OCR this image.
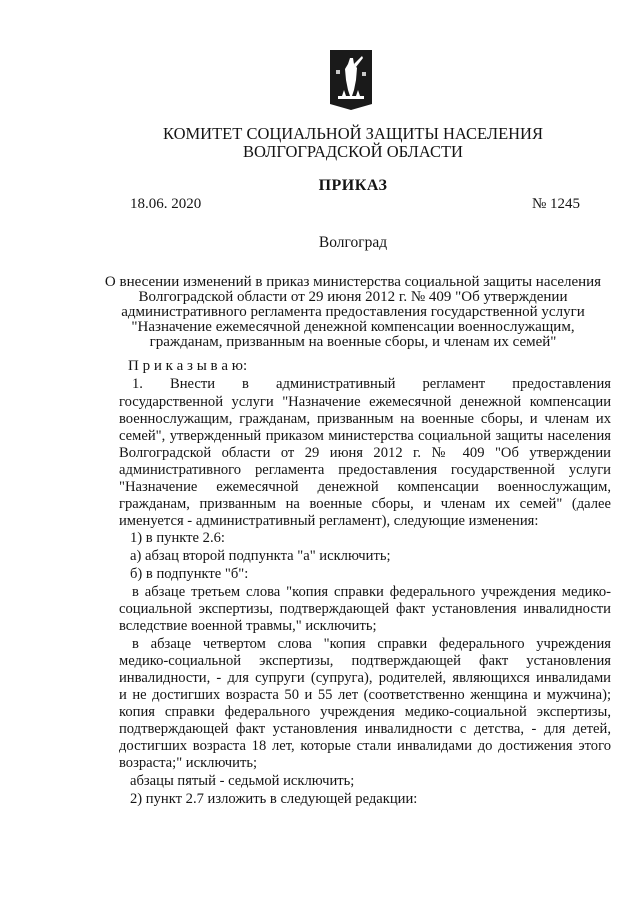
КОМИТЕТ СОЦИАЛЬНОЙ ЗАЩИТЫ НАСЕЛЕНИЯ
ВОЛГОГРАДСКОЙ ОБЛАСТИ
ПРИКАЗ
18.06. 2020	№ 1245
Волгоград
О внесении изменений в приказ министерства социальной защиты населения
Волгоградской области от 29 июня 2012 г. № 409 "Об утверждении
административного регламента предоставления государственной услуги
"Назначение ежемесячной денежной компенсации военнослужащим,
гражданам, призванным на военные сборы, и членам их семей"
П р и к а з ы в а ю:
1. Внести в административный регламент предоставления
государственной услуги "Назначение ежемесячной денежной компенсации
военнослужащим, гражданам, призванным на военные сборы, и членам их
семей", утвержденный приказом министерства социальной защиты населения
Волгоградской области от 29 июня 2012 г. № 409 "Об утверждении
административного регламента предоставления государственной услуги
"Назначение ежемесячной денежной компенсации военнослужащим,
гражданам, призванным на военные сборы, и членам их семей" (далее
именуется - административный регламент), следующие изменения:
1) в пункте 2.6:
а) абзац второй подпункта "а" исключить;
б) в подпункте "б":
в абзаце третьем слова "копия справки федерального учреждения медико-
социальной экспертизы, подтверждающей факт установления инвалидности
вследствие военной травмы," исключить;
в абзаце четвертом слова "копия справки федерального учреждения
медико-социальной экспертизы, подтверждающей факт установления
инвалидности, - для супруги (супруга), родителей, являющихся инвалидами
и не достигших возраста 50 и 55 лет (соответственно женщина и мужчина);
копия справки федерального учреждения медико-социальной экспертизы,
подтверждающей факт установления инвалидности с детства, - для детей,
достигших возраста 18 лет, которые стали инвалидами до достижения этого
возраста;" исключить;
абзацы пятый - седьмой исключить;
2) пункт 2.7 изложить в следующей редакции:
